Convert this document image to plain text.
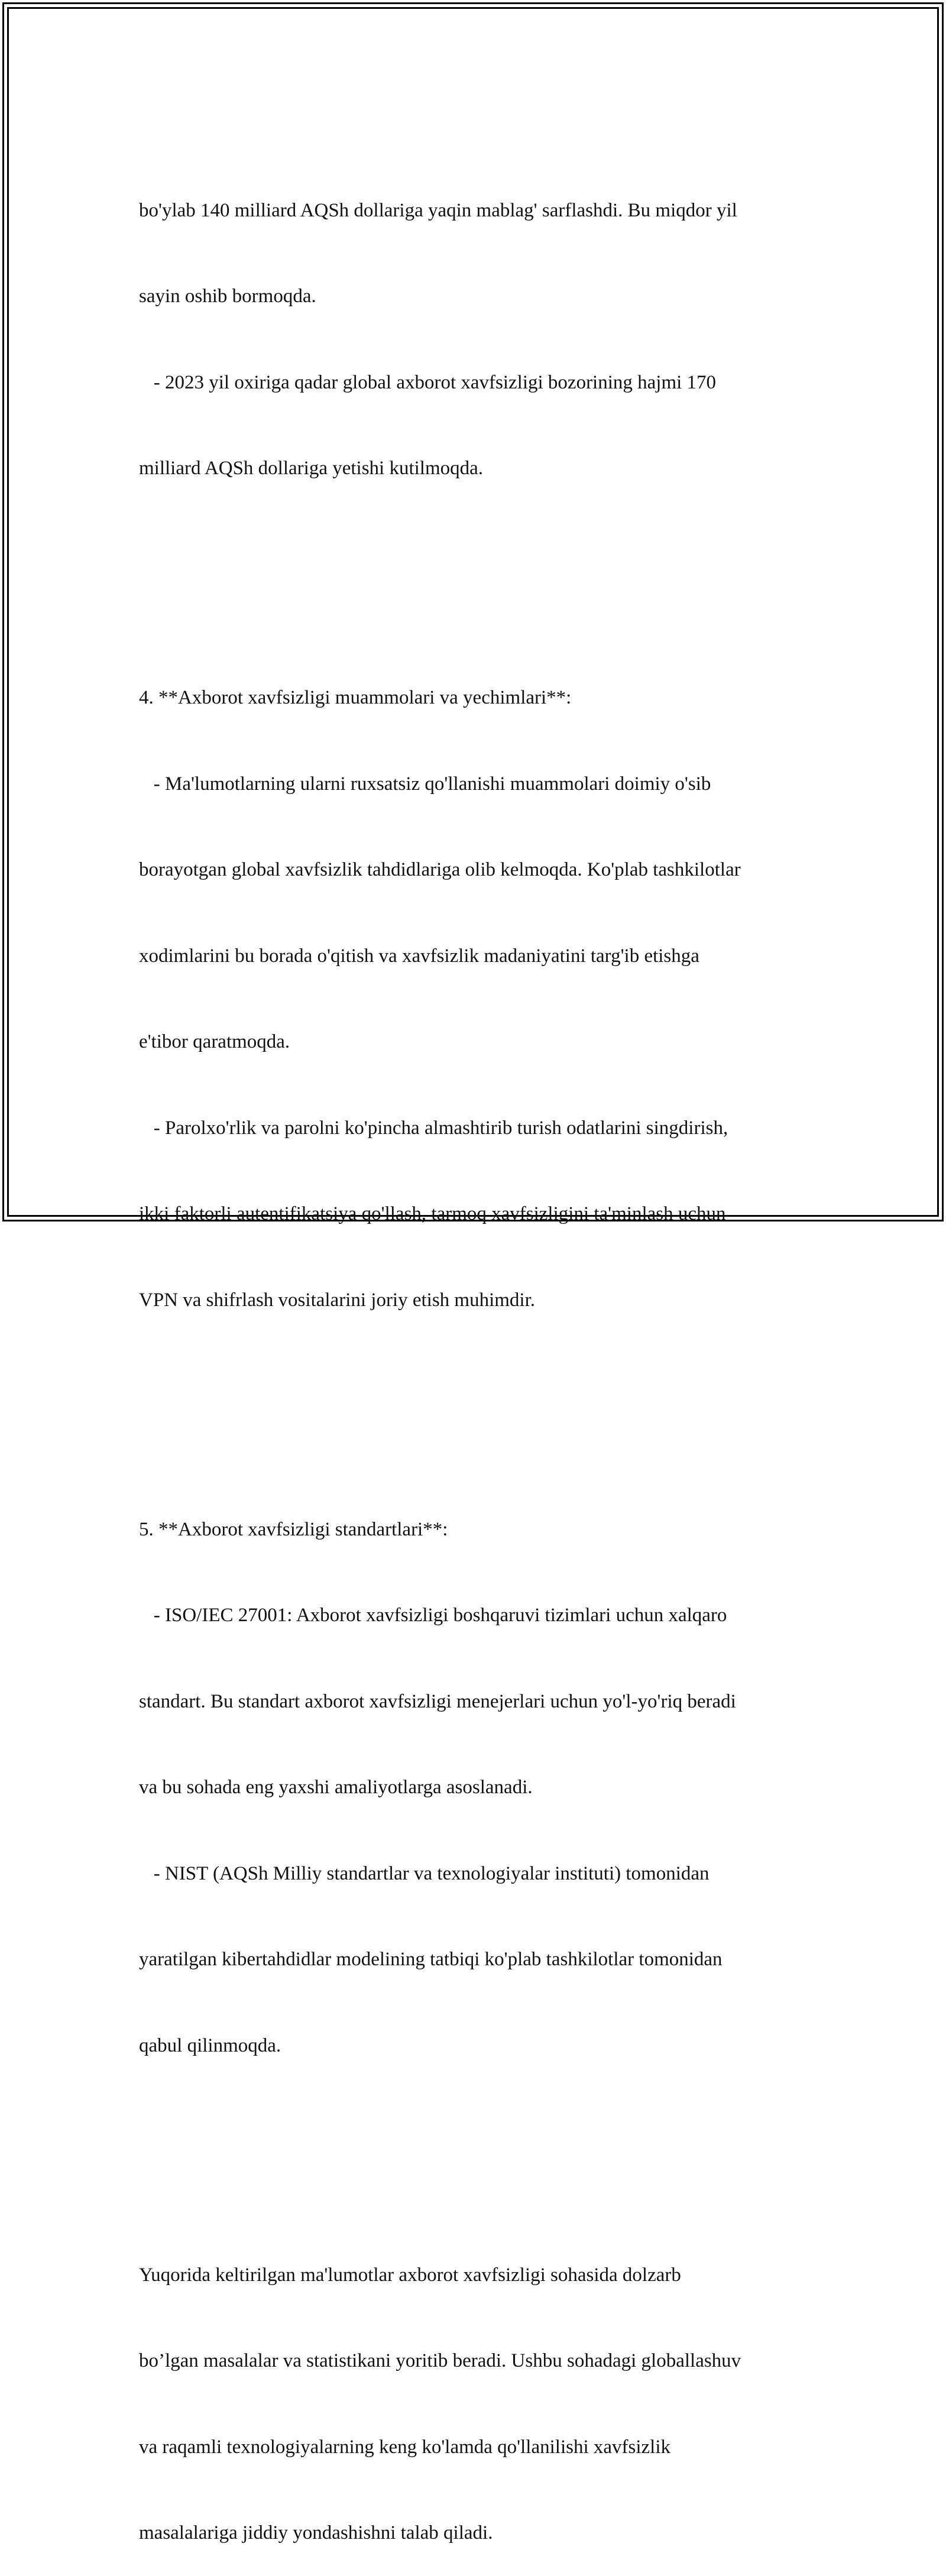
bo'ylab 140 milliard AQSh dollariga yaqin mablag' sarflashdi. Bu miqdor yil

sayin oshib bormoqda.

- 2023 yil oxiriga qadar global axborot xavfsizligi bozorining hajmi 170

milliard AQSh dollariga yetishi kutilmoqda.

4. **Axborot xavfsizligi muammolari va yechimlari**:

- Ma'lumotlarning ularni ruxsatsiz qo'llanishi muammolari doimiy o'sib

borayotgan global xavfsizlik tahdidlariga olib kelmoqda. Ko'plab tashkilotlar

xodimlarini bu borada o'qitish va xavfsizlik madaniyatini targ'ib etishga

e'tibor qaratmoqda.

- Parolxo'rlik va parolni ko'pincha almashtirib turish odatlarini singdirish,

ikki faktorli autentifikatsiya qo'llash, tarmoq xavfsizligini ta'minlash uchun

VPN va shifrlash vositalarini joriy etish muhimdir.

5. **Axborot xavfsizligi standartlari**:

- ISO/IEC 27001: Axborot xavfsizligi boshqaruvi tizimlari uchun xalqaro

standart. Bu standart axborot xavfsizligi menejerlari uchun yo'l-yo'riq beradi

va bu sohada eng yaxshi amaliyotlarga asoslanadi.

- NIST (AQSh Milliy standartlar va texnologiyalar instituti) tomonidan

yaratilgan kibertahdidlar modelining tatbiqi ko'plab tashkilotlar tomonidan

qabul qilinmoqda.

Yuqorida keltirilgan ma'lumotlar axborot xavfsizligi sohasida dolzarb

bo’lgan masalalar va statistikani yoritib beradi. Ushbu sohadagi globallashuv

va raqamli texnologiyalarning keng ko'lamda qo'llanilishi xavfsizlik

masalalariga jiddiy yondashishni talab qiladi.
